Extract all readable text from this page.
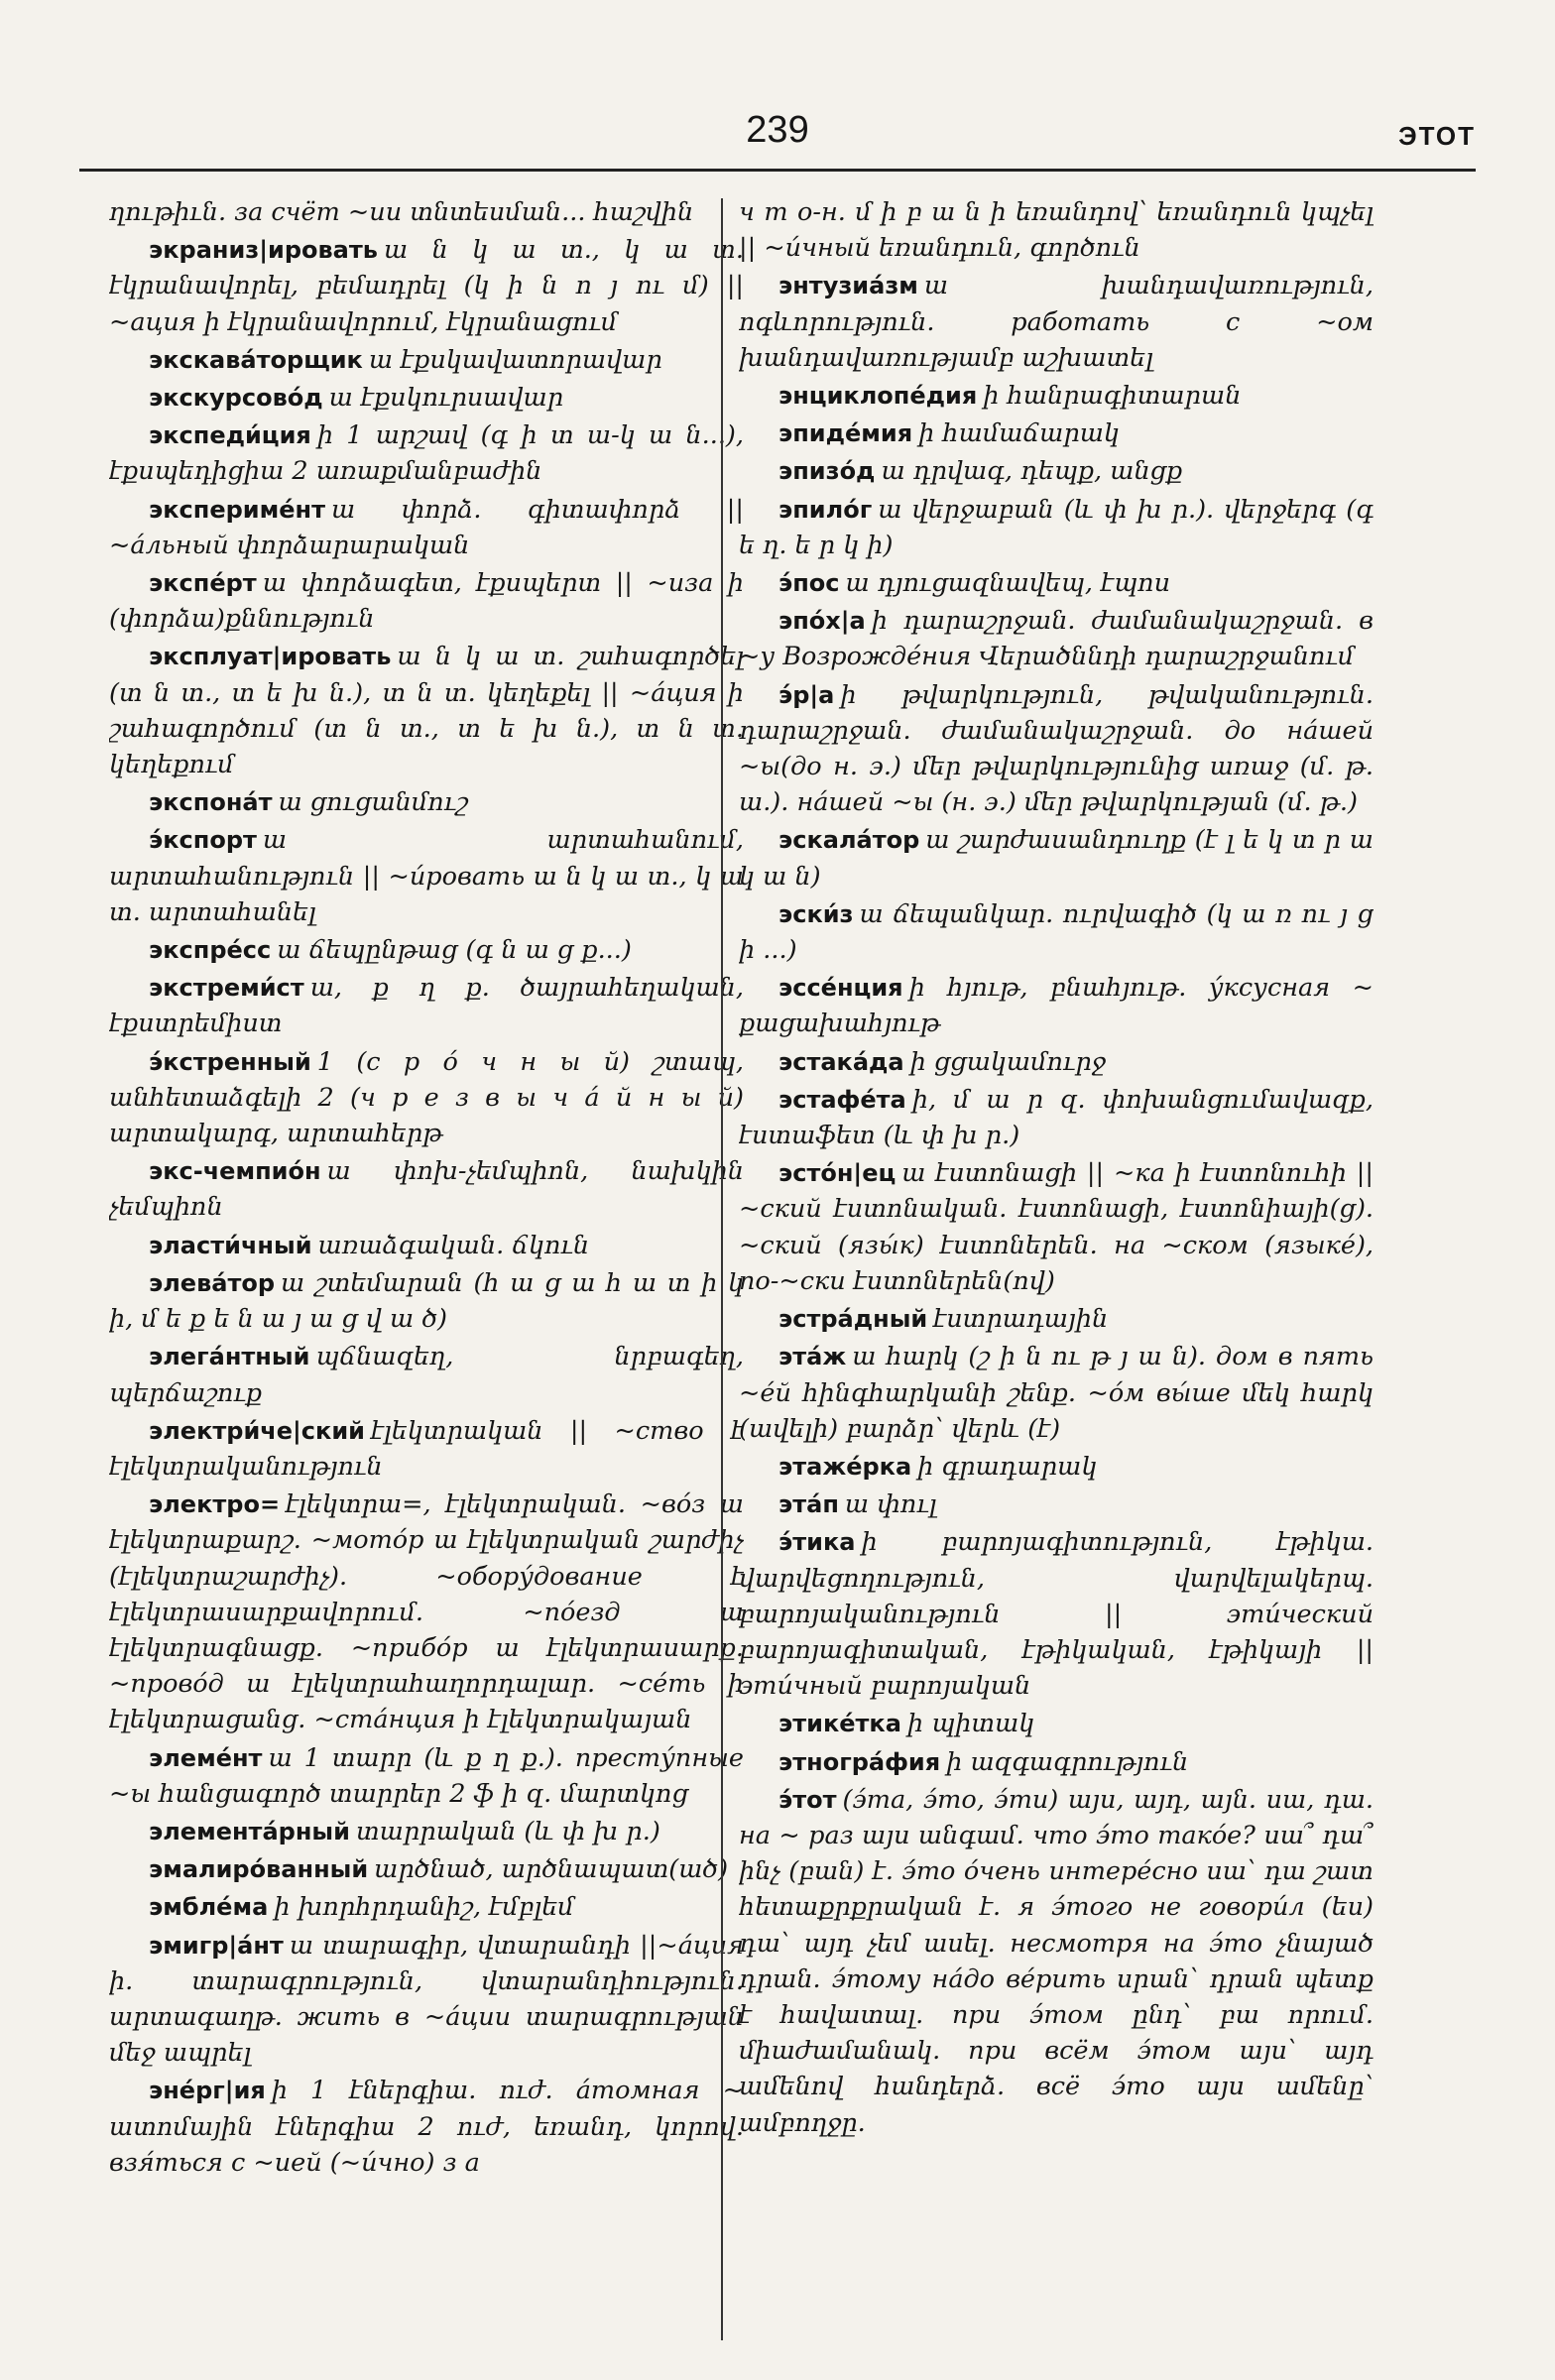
239	ЭТОТ

ղութիւն. за счёт ~ии տնտեսման... հաշվին

экраниз|ировать ա ն կ ա տ., կ ա տ. էկրանավորել, բեմադրել (կ ի ն ո յ ու մ) || ~ация ի էկրանավորում, էկրանացում

экскава́торщик ա էքսկավատորավար

экскурсово́д ա էքսկուրսավար

экспеди́ция ի 1 արշավ (գ ի տ ա-կ ա ն...), էքսպեդիցիա 2 առաքմանբաժին

экспериме́нт ա փորձ. գիտափորձ || ~а́льный փորձարարական

экспе́рт ա փորձագետ, էքսպերտ || ~иза ի (փորձա)քննություն

эксплуат|ировать ա ն կ ա տ. շահագործել (տ ն տ., տ ե խ ն.), տ ն տ. կեղեքել || ~а́ция ի շահագործում (տ ն տ., տ ե խ ն.), տ ն տ. կեղեքում

экспона́т ա ցուցանմուշ

э́кспорт ա արտահանում, արտահանություն || ~и́ровать ա ն կ ա տ., կ ա տ. արտահանել

экспре́сс ա ճեպընթաց (գ ն ա ց ք...)

экстреми́ст ա, ք ղ ք. ծայրահեղական, էքստրեմիստ

э́кстренный 1 (с р о́ ч н ы й) շտապ, անհետաձգելի 2 (ч р е з в ы ч а́ й н ы й) արտակարգ, արտահերթ

экс-чемпио́н ա փոխ-չեմպիոն, նախկին չեմպիոն

эласти́чный առաձգական. ճկուն

элева́тор ա շտեմարան (հ ա ց ա հ ա տ ի կ ի, մ ե ք ե ն ա յ ա ց վ ա ծ)

элега́нтный պճնազեղ, նրբագեղ, պերճաշուք

электри́че|ский էլեկտրական || ~ство է էլեկտրականություն

электро= էլեկտրա=, էլեկտրական. ~во́з ա էլեկտրաքարշ. ~мото́р ա էլեկտրական շարժիչ (էլեկտրաշարժիչ). ~обору́дование է էլեկտրասարքավորում. ~по́езд ա էլեկտրագնացք. ~прибо́р ա էլեկտրասարք. ~прово́д ա էլեկտրահաղորդալար. ~се́ть ի էլեկտրացանց. ~ста́нция ի էլեկտրակայան

элеме́нт ա 1 տարր (և ք ղ ք.). престу́пные ~ы հանցագործ տարրեր 2 ֆ ի զ. մարտկոց

элемента́рный տարրական (և փ խ ր.)

эмалиро́ванный արծնած, արծնապատ(ած)

эмбле́ма ի խորհրդանիշ, էմբլեմ

эмигр|а́нт ա տարագիր, վտարանդի ||~а́ция ի. տարագրություն, վտարանդիություն. արտագաղթ. жить в ~а́ции տարագրության մեջ ապրել

эне́рг|ия ի 1 էներգիա. ուժ. а́томная ~ ատոմային էներգիա 2 ուժ, եռանդ, կորով. взя́ться с ~ией (~и́чно) з а

ч т о-н. մ ի բ ա ն ի եռանդով՝ եռանդուն կպչել || ~и́чный եռանդուն, գործուն

энтузиа́зм ա խանդավառություն, ոգևորություն. работать с ~ом խանդավառությամբ աշխատել

энциклопе́дия ի հանրագիտարան

эпиде́мия ի համաճարակ

эпизо́д ա դրվագ, դեպք, անցք

эпило́г ա վերջաբան (և փ խ ր.). վերջերգ (գ ե ղ. ե ր կ ի)

э́пос ա դյուցազնավեպ, էպոս

эпо́х|а ի դարաշրջան. ժամանակաշրջան. в ~у Возрожде́ния Վերածննդի դարաշրջանում

э́р|а ի թվարկություն, թվականություն. դարաշրջան. ժամանակաշրջան. до на́шей ~ы(до н. э.) մեր թվարկությունից առաջ (մ. թ. ա.). на́шей ~ы (н. э.) մեր թվարկության (մ. թ.)

эскала́тор ա շարժասանդուղք (է լ ե կ տ ր ա կ ա ն)

эски́з ա ճեպանկար. ուրվագիծ (կ ա ռ ու յ ց ի ...)

эссе́нция ի հյութ, բնահյութ. у́ксусная ~ քացախահյութ

эстака́да ի ցցակամուրջ

эстафе́та ի, մ ա ր զ. փոխանցումավազք, էստաֆետ (և փ խ ր.)

эсто́н|ец ա էստոնացի || ~ка ի էստոնուհի || ~ский էստոնական. էստոնացի, էստոնիայի(ց). ~ский (язы́к) էստոներեն. на ~ском (языке́), по-~ски էստոներեն(ով)

эстра́дный էստրադային

эта́ж ա հարկ (շ ի ն ու թ յ ա ն). дом в пять ~е́й հինգհարկանի շենք. ~о́м вы́ше մեկ հարկ (ավելի) բարձր՝ վերև (է)

этаже́рка ի գրադարակ

эта́п ա փուլ

э́тика ի բարոյագիտություն, էթիկա. վարվեցողություն, վարվելակերպ. բարոյականություն || эти́ческий բարոյագիտական, էթիկական, էթիկայի || эти́чный բարոյական

этике́тка ի պիտակ

этногра́фия ի ազգագրություն

э́тот (э́та, э́то, э́ти) այս, այդ, այն. սա, դա. на ~ раз այս անգամ. что э́то тако́е? սա՞ դա՞ ինչ (բան) է. э́то о́чень интере́сно սա՝ դա շատ հետաքրքրական է. я э́того не говори́л (ես) դա՝ այդ չեմ ասել. несмотря на э́то չնայած դրան. э́тому на́до ве́рить սրան՝ դրան պետք է հավատալ. при э́том ընդ՝ բա որում. միաժամանակ. при всём э́том այս՝ այդ ամենով հանդերձ. всё э́то այս ամենը՝ ամբողջը.
